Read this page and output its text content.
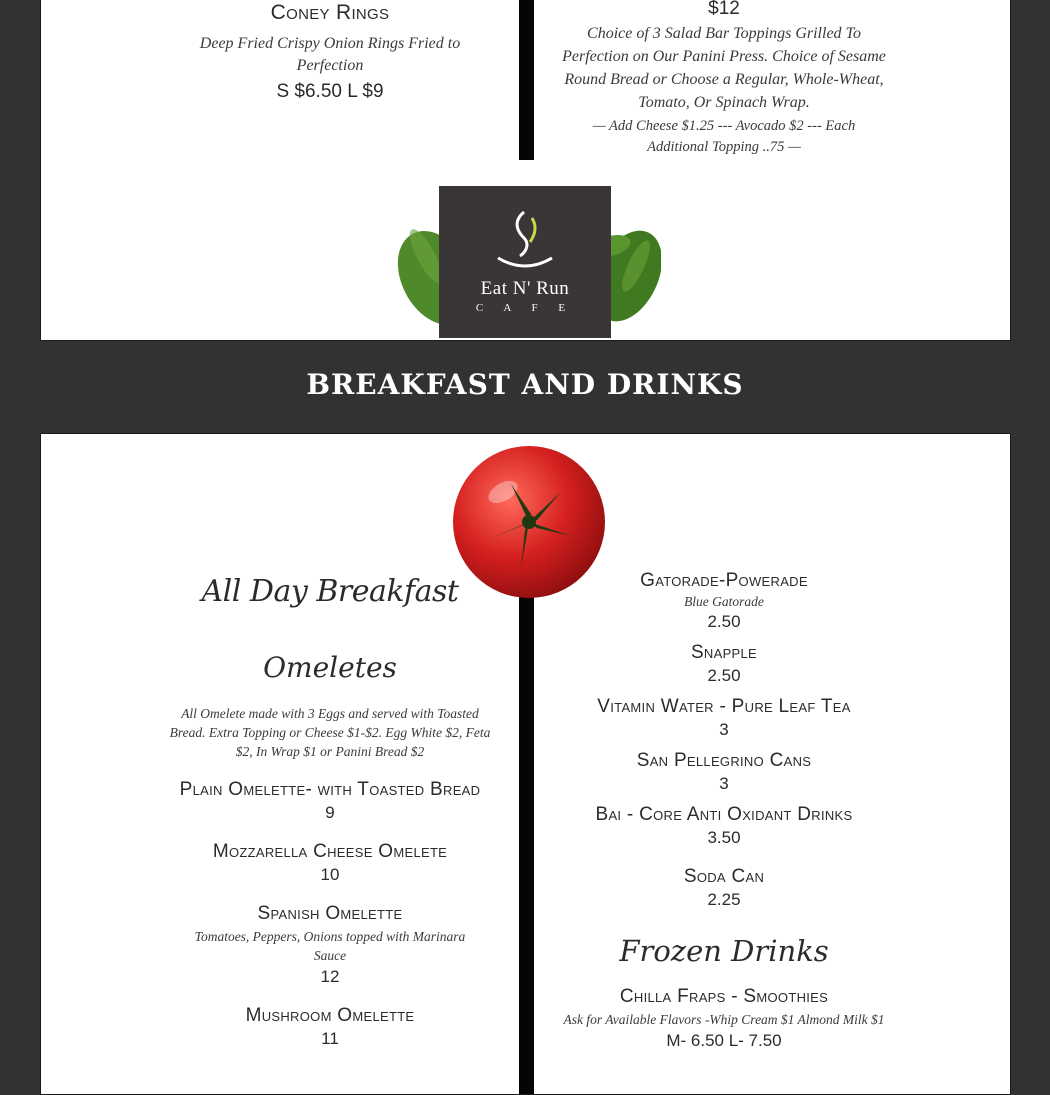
Coney Rings
Deep Fried Crispy Onion Rings Fried to Perfection
S $6.50 L $9
$12
Choice of 3 Salad Bar Toppings Grilled To Perfection on Our Panini Press. Choice of Sesame Round Bread or Choose a Regular, Whole-Wheat, Tomato, Or Spinach Wrap.
— Add Cheese $1.25 --- Avocado $2 --- Each Additional Topping ..75 —
Eat N' Run
C A F E
BREAKFAST AND DRINKS
All Day Breakfast
Omeletes
All Omelete made with 3 Eggs and served with Toasted Bread. Extra Topping or Cheese $1-$2. Egg White $2, Feta $2, In Wrap $1 or Panini Bread $2
Plain Omelette- with Toasted Bread
9
Mozzarella Cheese Omelete
10
Spanish Omelette
Tomatoes, Peppers, Onions topped with Marinara Sauce
12
Mushroom Omelette
11
Gatorade-Powerade
Blue Gatorade
2.50
Snapple
2.50
Vitamin Water - Pure Leaf Tea
3
San Pellegrino Cans
3
Bai - Core Anti Oxidant Drinks
3.50
Soda Can
2.25
Frozen Drinks
Chilla Fraps - Smoothies
Ask for Available Flavors -Whip Cream $1 Almond Milk $1
M- 6.50 L- 7.50
